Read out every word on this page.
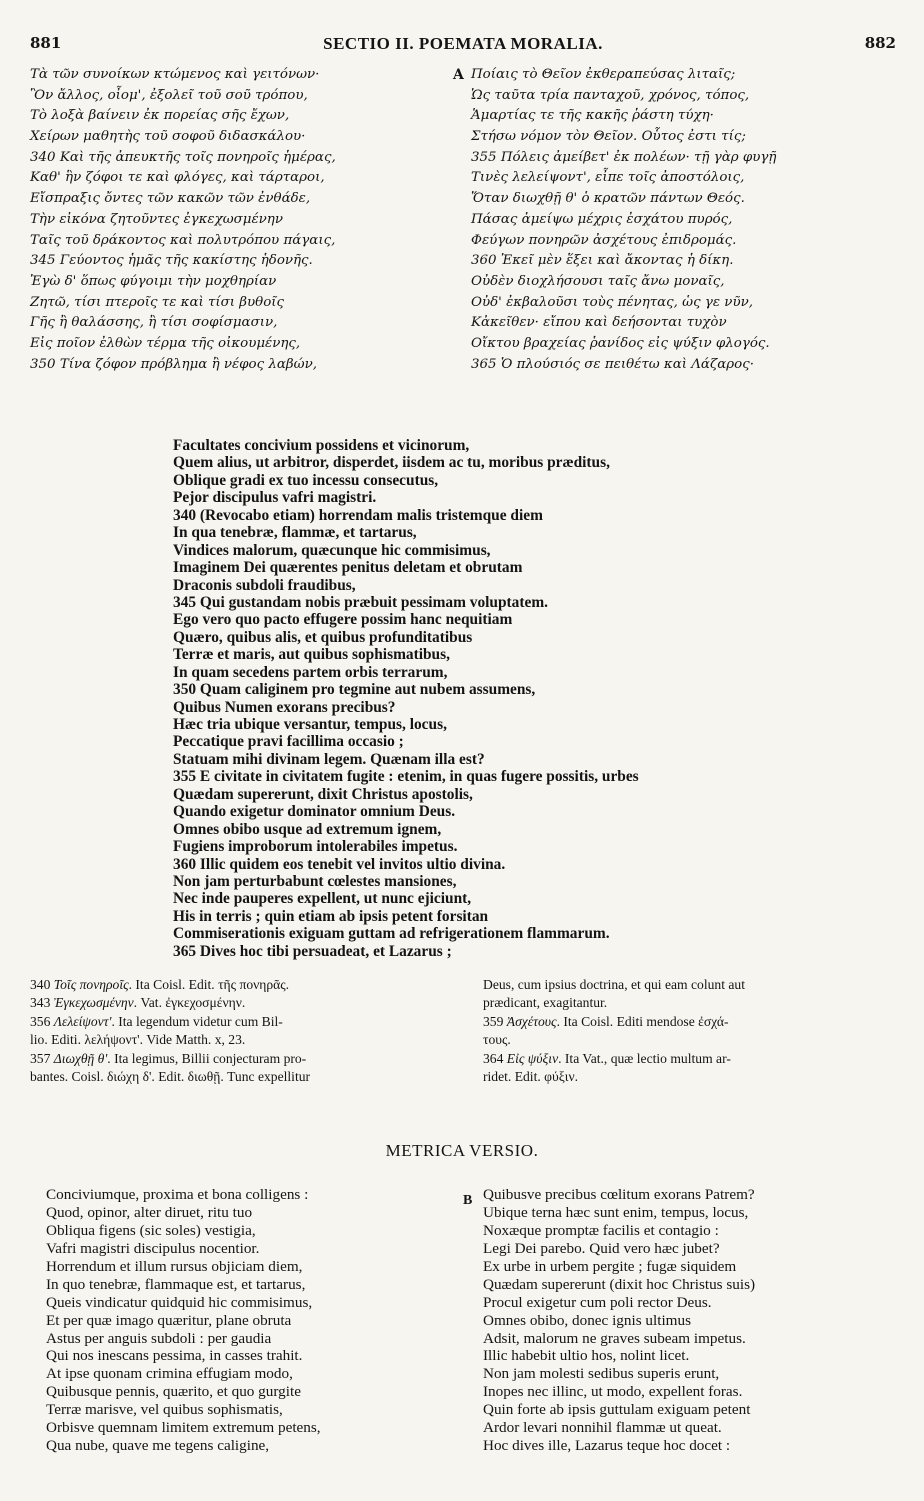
881	SECTIO II. POEMATA MORALIA.	882
Τὰ τῶν συνοίκων κτώμενος καὶ γειτόνων·
Ὃν ἄλλος, οἶομ', ἐξολεῖ τοῦ σοῦ τρόπου,
Τὸ λοξὰ βαίνειν ἐκ πορείας σῆς ἔχων,
Χείρων μαθητὴς τοῦ σοφοῦ διδασκάλου·
340 Καὶ τῆς ἀπευκτῆς τοῖς πονηροῖς ἡμέρας,
Καθ' ἣν ζόφοι τε καὶ φλόγες, καὶ τάρταροι,
Εἴσπραξις ὄντες τῶν κακῶν τῶν ἐνθάδε,
Τὴν εἰκόνα ζητοῦντες ἐγκεχωσμένην
Ταῖς τοῦ δράκοντος καὶ πολυτρόπου πάγαις,
345 Γεύοντος ἡμᾶς τῆς κακίστης ἡδονῆς.
Ἐγὼ δ' ὅπως φύγοιμι τὴν μοχθηρίαν
Ζητῶ, τίσι πτεροῖς τε καὶ τίσι βυθοῖς
Γῆς ἢ θαλάσσης, ἢ τίσι σοφίσμασιν,
Εἰς ποῖον ἐλθὼν τέρμα τῆς οἰκουμένης,
350 Τίνα ζόφον πρόβλημα ἢ νέφος λαβών,
A Ποίαις τὸ Θεῖον ἐκθεραπεύσας λιταῖς;
Ὡς ταῦτα τρία πανταχοῦ, χρόνος, τόπος,
Ἁμαρτίας τε τῆς κακῆς ῥάστη τύχη·
Στήσω νόμον τὸν Θεῖον. Οὗτος ἐστι τίς;
355 Πόλεις ἀμείβετ' ἐκ πολέων· τῇ γὰρ φυγῇ
Τινὲς λελείψοντ', εἶπε τοῖς ἀποστόλοις,
Ὅταν διωχθῇ θ' ὁ κρατῶν πάντων Θεός.
Πάσας ἀμείψω μέχρις ἐσχάτου πυρός,
Φεύγων πονηρῶν ἀσχέτους ἐπιδρομάς.
360 Ἐκεῖ μὲν ἕξει καὶ ἄκοντας ἡ δίκη.
Οὐδὲν διοχλήσουσι ταῖς ἄνω μοναῖς,
Οὐδ' ἐκβαλοῦσι τοὺς πένητας, ὡς γε νῦν,
Κἀκεῖθεν· εἴπου καὶ δεήσονται τυχὸν
Οἴκτου βραχείας ῥανίδος εἰς ψύξιν φλογός.
365 Ὁ πλούσιός σε πειθέτω καὶ Λάζαρος·
Facultates concivium possidens et vicinorum,
Quem alius, ut arbitror, disperdet, iisdem ac tu, moribus præditus,
Oblique gradi ex tuo incessu consecutus,
Pejor discipulus vafri magistri.
340 (Revocabo etiam) horrendam malis tristemque diem
In qua tenebræ, flammæ, et tartarus,
Vindices malorum, quæcunque hic commisimus,
Imaginem Dei quærentes penitus deletam et obrutam
Draconis subdoli fraudibus,
345 Qui gustandam nobis præbuit pessimam voluptatem.
Ego vero quo pacto effugere possim hanc nequitiam
Quæro, quibus alis, et quibus profunditatibus
Terræ et maris, aut quibus sophismatibus,
In quam secedens partem orbis terrarum,
350 Quam caliginem pro tegmine aut nubem assumens,
Quibus Numen exorans precibus?
Hæc tria ubique versantur, tempus, locus,
Peccatique pravi facillima occasio ;
Statuam mihi divinam legem. Quænam illa est?
355 E civitate in civitatem fugite : etenim, in quas fugere possitis, urbes
Quædam supererunt, dixit Christus apostolis,
Quando exigetur dominator omnium Deus.
Omnes obibo usque ad extremum ignem,
Fugiens improborum intolerabiles impetus.
360 Illic quidem eos tenebit vel invitos ultio divina.
Non jam perturbabunt cœlestes mansiones,
Nec inde pauperes expellent, ut nunc ejiciunt,
His in terris ; quin etiam ab ipsis petent forsitan
Commiserationis exiguam guttam ad refrigerationem flammarum.
365 Dives hoc tibi persuadeat, et Lazarus ;
340 Τοῖς πονηροῖς. Ita Coisl. Edit. τῆς πονηρᾶς.
343 Ἐγκεχωσμένην. Vat. ἐγκεχοσμένην.
356 Λελείψοντ'. Ita legendum videtur cum Bil-
lio. Editi. λελήψοντ'. Vide Matth. x, 23.
357 Διωχθῇ θ'. Ita legimus, Billii conjecturam pro-
bantes. Coisl. διώχη δ'. Edit. διωθῇ. Tunc expellitur
Deus, cum ipsius doctrina, et qui eam colunt aut
prædicant, exagitantur.
359 Ἀσχέτους. Ita Coisl. Editi mendose ἐσχά-
τους.
364 Εἰς ψύξιν. Ita Vat., quæ lectio multum ar-
ridet. Edit. φύξιν.
METRICA VERSIO.
Conciviumque, proxima et bona colligens :
Quod, opinor, alter diruet, ritu tuo
Obliqua figens (sic soles) vestigia,
Vafri magistri discipulus nocentior.
Horrendum et illum rursus objiciam diem,
In quo tenebræ, flammaque est, et tartarus,
Queis vindicatur quidquid hic commisimus,
Et per quæ imago quæritur, plane obruta
Astus per anguis subdoli : per gaudia
Qui nos inescans pessima, in casses trahit.
At ipse quonam crimina effugiam modo,
Quibusque pennis, quærito, et quo gurgite
Terræ marisve, vel quibus sophismatis,
Orbisve quemnam limitem extremum petens,
Qua nube, quave me tegens caligine,
B Quibusve precibus cœlitum exorans Patrem?
Ubique terna hæc sunt enim, tempus, locus,
Noxæque promptæ facilis et contagio :
Legi Dei parebo. Quid vero hæc jubet?
Ex urbe in urbem pergite ; fugæ siquidem
Quædam supererunt (dixit hoc Christus suis)
Procul exigetur cum poli rector Deus.
Omnes obibo, donec ignis ultimus
Adsit, malorum ne graves subeam impetus.
Illic habebit ultio hos, nolint licet.
Non jam molesti sedibus superis erunt,
Inopes nec illinc, ut modo, expellent foras.
Quin forte ab ipsis guttulam exiguam petent
Ardor levari nonnihil flammæ ut queat.
Hoc dives ille, Lazarus teque hoc docet :
